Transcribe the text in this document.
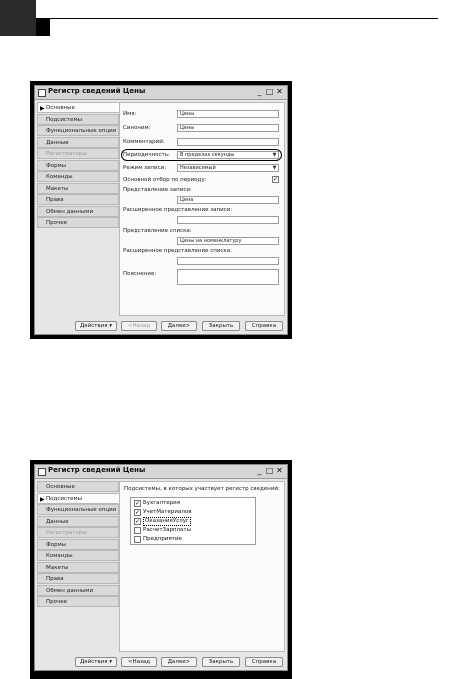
Регистр сведений Цены	_ □ ✕
▶ Основные
Подсистемы
Функциональные опции
Данные
Регистраторы
Формы
Команды
Макеты
Права
Обмен данными
Прочее
Имя:	Цены
Синоним:	Цены
Комментарий:
Периодичность:	В пределах секунды	▼
Режим записи:	Независимый	▼
Основной отбор по периоду:	✓
Представление записи:
Цена
Расширенное представление записи:
Представление списка:
Цены на номенклатуру
Расширенное представление списка:
Пояснение:
Действия ▾	<Назад	Далее>	Закрыть	Справка
Регистр сведений Цены	_ □ ✕
Основные
▶ Подсистемы
Функциональные опции
Данные
Регистраторы
Формы
Команды
Макеты
Права
Обмен данными
Прочее
Подсистемы, в которых участвует регистр сведений:
✓ Бухгалтерия
✓ УчетМатериалов
✓ ОказаниеУслуг
РасчетЗарплаты
Предприятие
Действия ▾	<Назад	Далее>	Закрыть	Справка
